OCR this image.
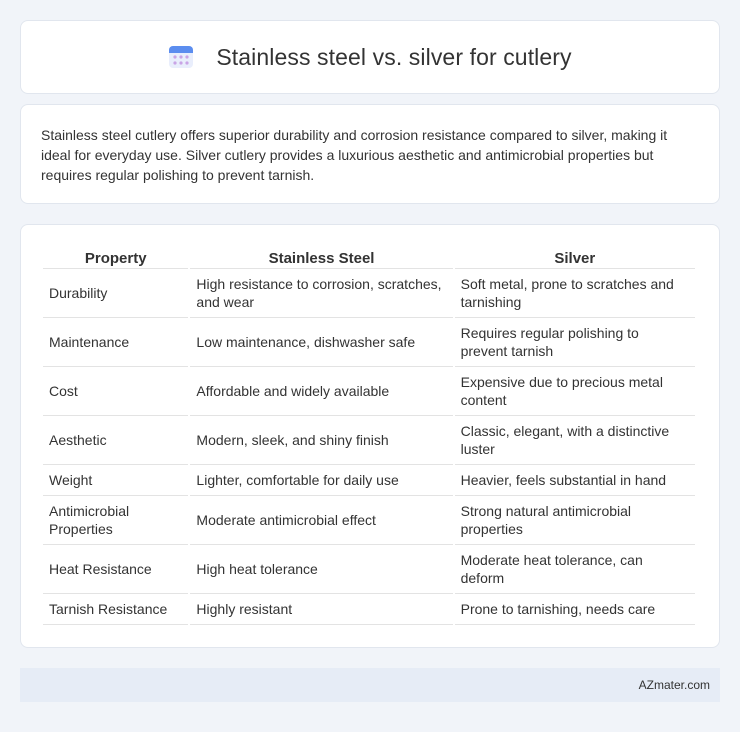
Stainless steel vs. silver for cutlery

Stainless steel cutlery offers superior durability and corrosion resistance compared to silver, making it ideal for everyday use. Silver cutlery provides a luxurious aesthetic and antimicrobial properties but requires regular polishing to prevent tarnish.

Property	Stainless Steel	Silver
Durability	High resistance to corrosion, scratches, and wear	Soft metal, prone to scratches and tarnishing
Maintenance	Low maintenance, dishwasher safe	Requires regular polishing to prevent tarnish
Cost	Affordable and widely available	Expensive due to precious metal content
Aesthetic	Modern, sleek, and shiny finish	Classic, elegant, with a distinctive luster
Weight	Lighter, comfortable for daily use	Heavier, feels substantial in hand
Antimicrobial Properties	Moderate antimicrobial effect	Strong natural antimicrobial properties
Heat Resistance	High heat tolerance	Moderate heat tolerance, can deform
Tarnish Resistance	Highly resistant	Prone to tarnishing, needs care
AZmater.com
